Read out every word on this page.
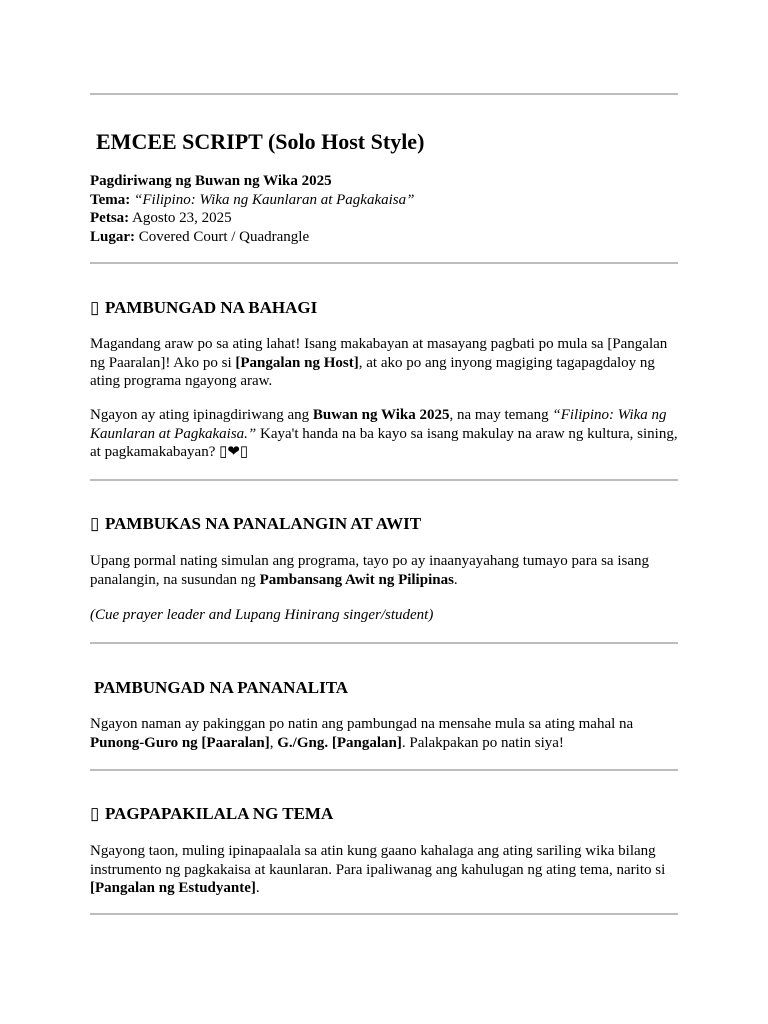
EMCEE SCRIPT (Solo Host Style)
Pagdiriwang ng Buwan ng Wika 2025
Tema: “Filipino: Wika ng Kaunlaran at Pagkakaisa”
Petsa: Agosto 23, 2025
Lugar: Covered Court / Quadrangle
▯ PAMBUNGAD NA BAHAGI
Magandang araw po sa ating lahat! Isang makabayan at masayang pagbati po mula sa [Pangalan ng Paaralan]! Ako po si [Pangalan ng Host], at ako po ang inyong magiging tagapagdaloy ng ating programa ngayong araw.
Ngayon ay ating ipinagdiriwang ang Buwan ng Wika 2025, na may temang “Filipino: Wika ng Kaunlaran at Pagkakaisa.” Kaya't handa na ba kayo sa isang makulay na araw ng kultura, sining, at pagkamakabayan? ▯❤▯
▯ PAMBUKAS NA PANALANGIN AT AWIT
Upang pormal nating simulan ang programa, tayo po ay inaanyayahang tumayo para sa isang panalangin, na susundan ng Pambansang Awit ng Pilipinas.
(Cue prayer leader and Lupang Hinirang singer/student)
PAMBUNGAD NA PANANALITA
Ngayon naman ay pakinggan po natin ang pambungad na mensahe mula sa ating mahal na Punong-Guro ng [Paaralan], G./Gng. [Pangalan]. Palakpakan po natin siya!
▯ PAGPAPAKILALA NG TEMA
Ngayong taon, muling ipinapaalala sa atin kung gaano kahalaga ang ating sariling wika bilang instrumento ng pagkakaisa at kaunlaran. Para ipaliwanag ang kahulugan ng ating tema, narito si [Pangalan ng Estudyante].
